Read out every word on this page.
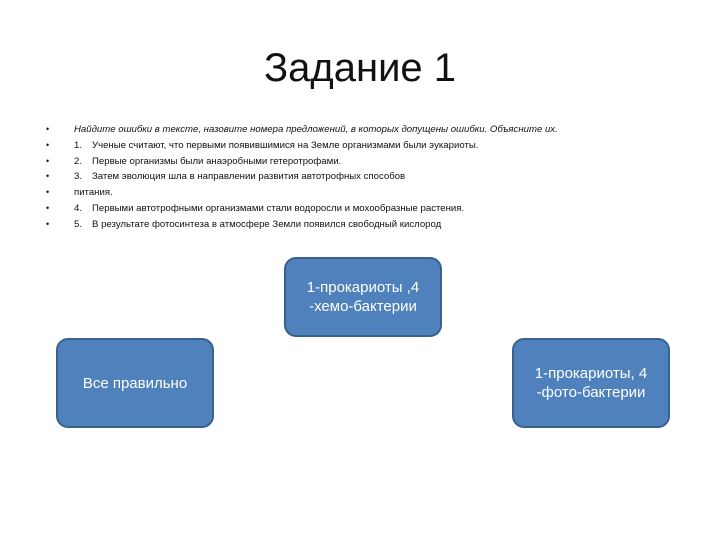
Задание 1
•	Найдите ошибки в тексте, назовите номера предложений, в которых допущены ошибки. Объясните их.
•	1. Ученые считают, что первыми появившимися на Земле организмами были эукариоты.
•	2. Первые организмы были анаэробными гетеротрофами.
•	3. Затем эволюция шла в направлении развития автотрофных способов
•	питания.
•	4. Первыми автотрофными организмами стали водоросли и мохообразные растения.
•	5. В результате фотосинтеза в атмосфере Земли появился свободный кислород
1-прокариоты ,4
-хемо-бактерии
Все правильно
1-прокариоты, 4
-фото-бактерии
